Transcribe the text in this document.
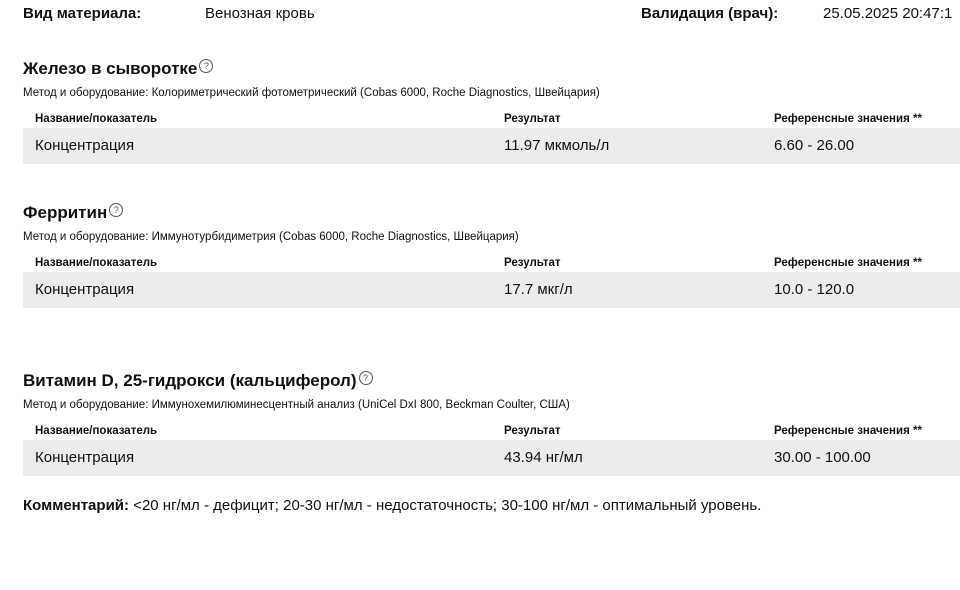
Вид материала:	Венозная кровь	Валидация (врач):	25.05.2025 20:47:1
Железо в сыворотке ?
Метод и оборудование: Колориметрический фотометрический (Cobas 6000, Roche Diagnostics, Швейцария)
Название/показатель	Результат	Референсные значения **
Концентрация	11.97 мкмоль/л	6.60 - 26.00
Ферритин ?
Метод и оборудование: Иммунотурбидиметрия (Cobas 6000, Roche Diagnostics, Швейцария)
Название/показатель	Результат	Референсные значения **
Концентрация	17.7 мкг/л	10.0 - 120.0
Витамин D, 25-гидрокси (кальциферол) ?
Метод и оборудование: Иммунохемилюминесцентный анализ (UniCel DxI 800, Beckman Coulter, США)
Название/показатель	Результат	Референсные значения **
Концентрация	43.94 нг/мл	30.00 - 100.00
Комментарий: <20 нг/мл - дефицит; 20-30 нг/мл - недостаточность; 30-100 нг/мл - оптимальный уровень.
